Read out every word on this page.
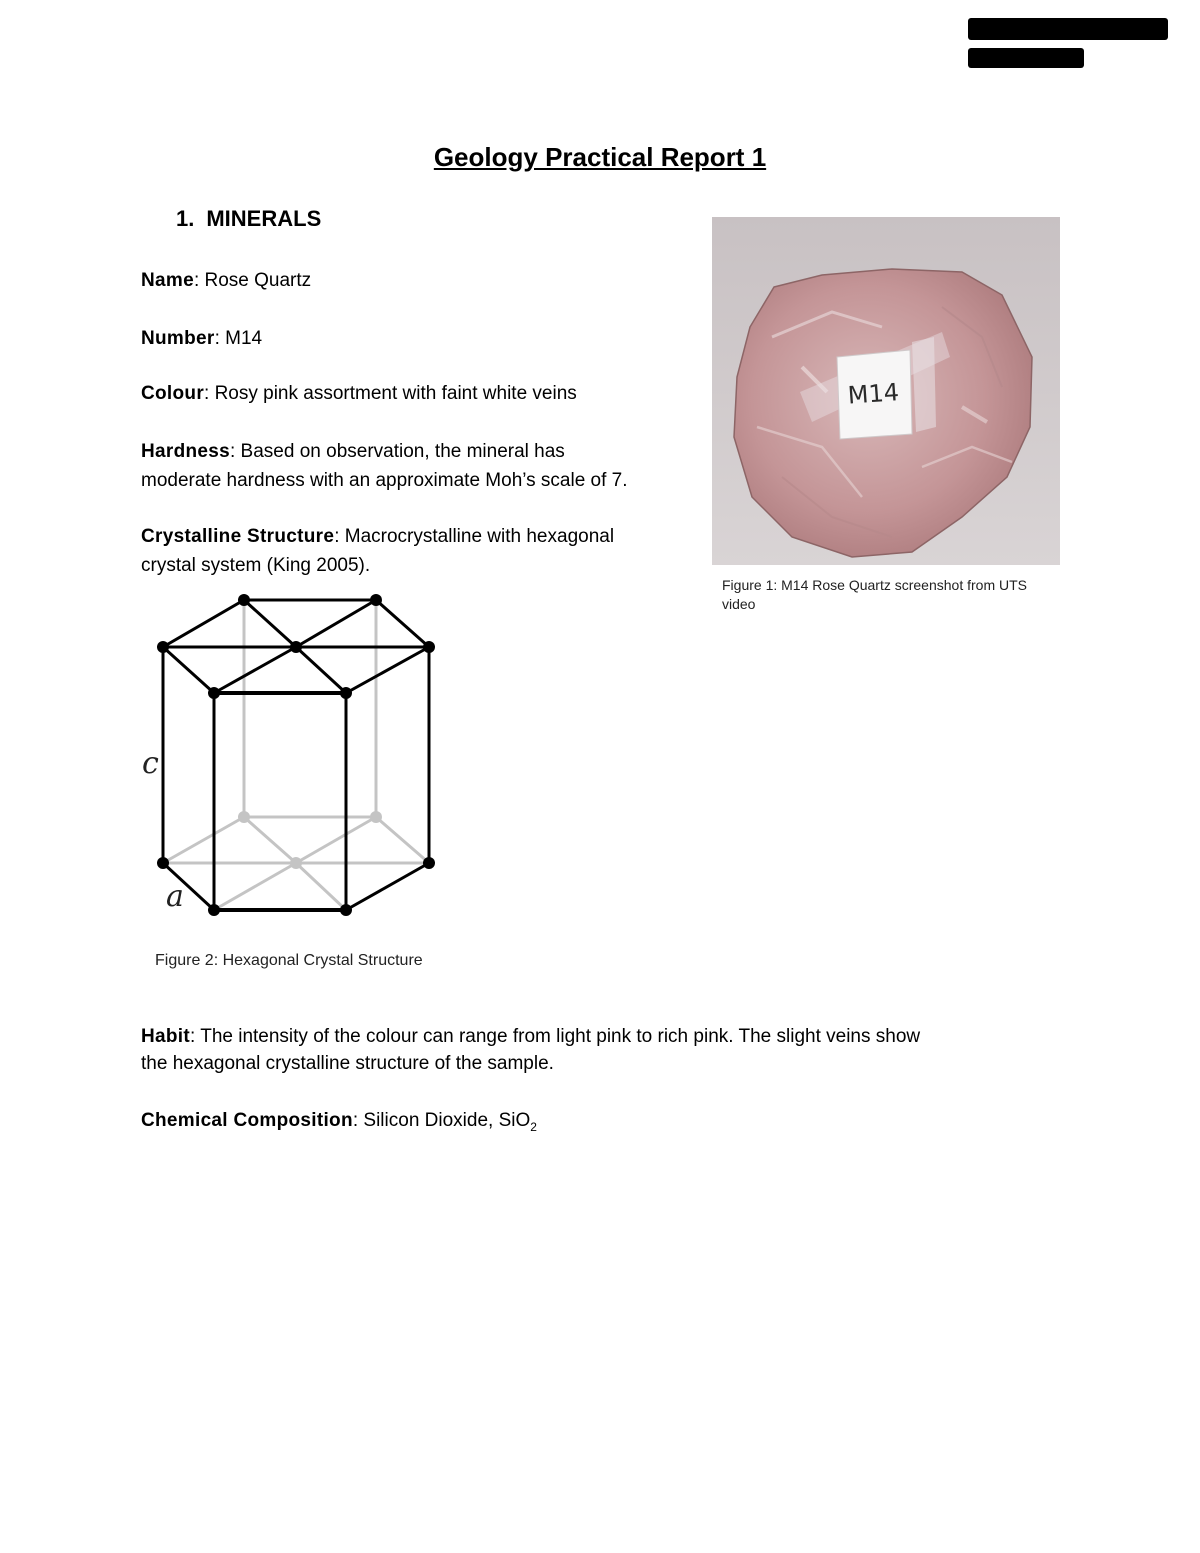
Geology Practical Report 1
1. MINERALS
Name: Rose Quartz
Number: M14
Colour: Rosy pink assortment with faint white veins
Hardness: Based on observation, the mineral has
moderate hardness with an approximate Moh’s scale of 7.
Crystalline Structure: Macrocrystalline with hexagonal
crystal system (King 2005).
M14
Figure 1: M14 Rose Quartz screenshot from UTS
video
c
a
Figure 2: Hexagonal Crystal Structure
Habit: The intensity of the colour can range from light pink to rich pink. The slight veins show
the hexagonal crystalline structure of the sample.
Chemical Composition: Silicon Dioxide, SiO$_2$
